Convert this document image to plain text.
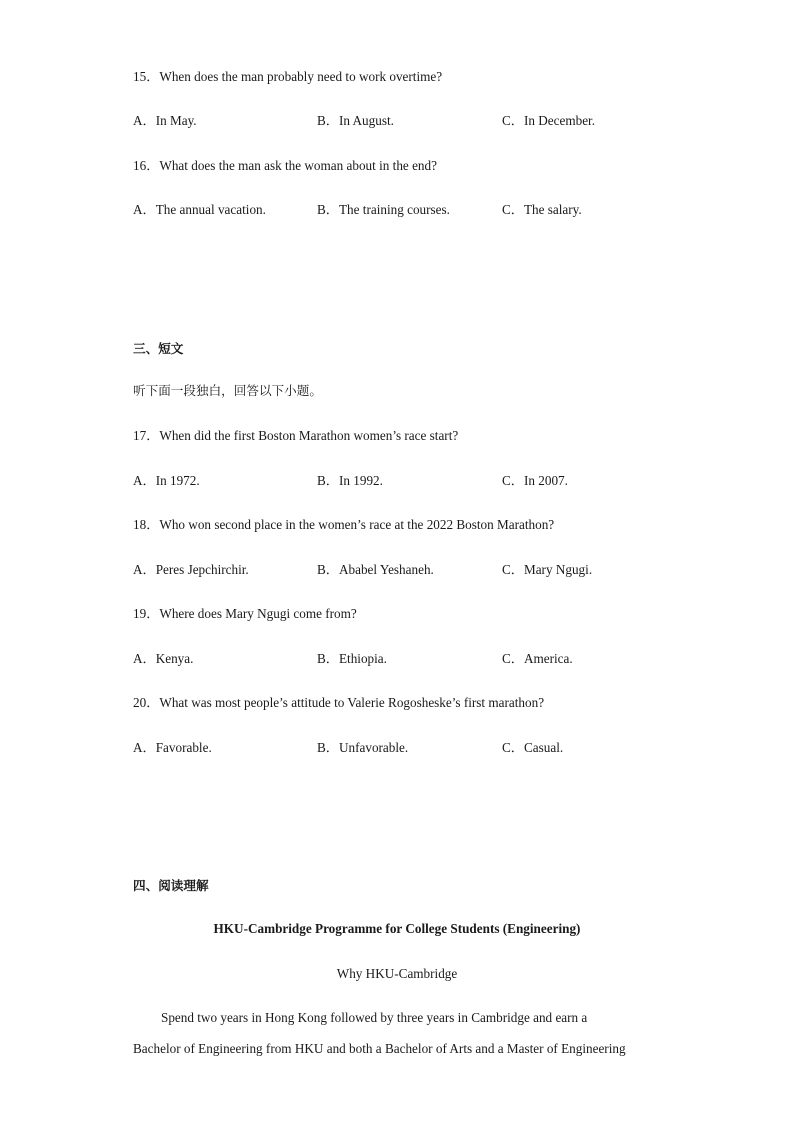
15．When does the man probably need to work overtime?
A．In May.	B．In August.	C．In December.
16．What does the man ask the woman about in the end?
A．The annual vacation.	B．The training courses.	C．The salary.
三、短文
听下面一段独白，回答以下小题。
17．When did the first Boston Marathon women’s race start?
A．In 1972.	B．In 1992.	C．In 2007.
18．Who won second place in the women’s race at the 2022 Boston Marathon?
A．Peres Jepchirchir.	B．Ababel Yeshaneh.	C．Mary Ngugi.
19．Where does Mary Ngugi come from?
A．Kenya.	B．Ethiopia.	C．America.
20．What was most people’s attitude to Valerie Rogosheske’s first marathon?
A．Favorable.	B．Unfavorable.	C．Casual.
四、阅读理解
HKU-Cambridge Programme for College Students (Engineering)
Why HKU-Cambridge
Spend two years in Hong Kong followed by three years in Cambridge and earn a
Bachelor of Engineering from HKU and both a Bachelor of Arts and a Master of Engineering
